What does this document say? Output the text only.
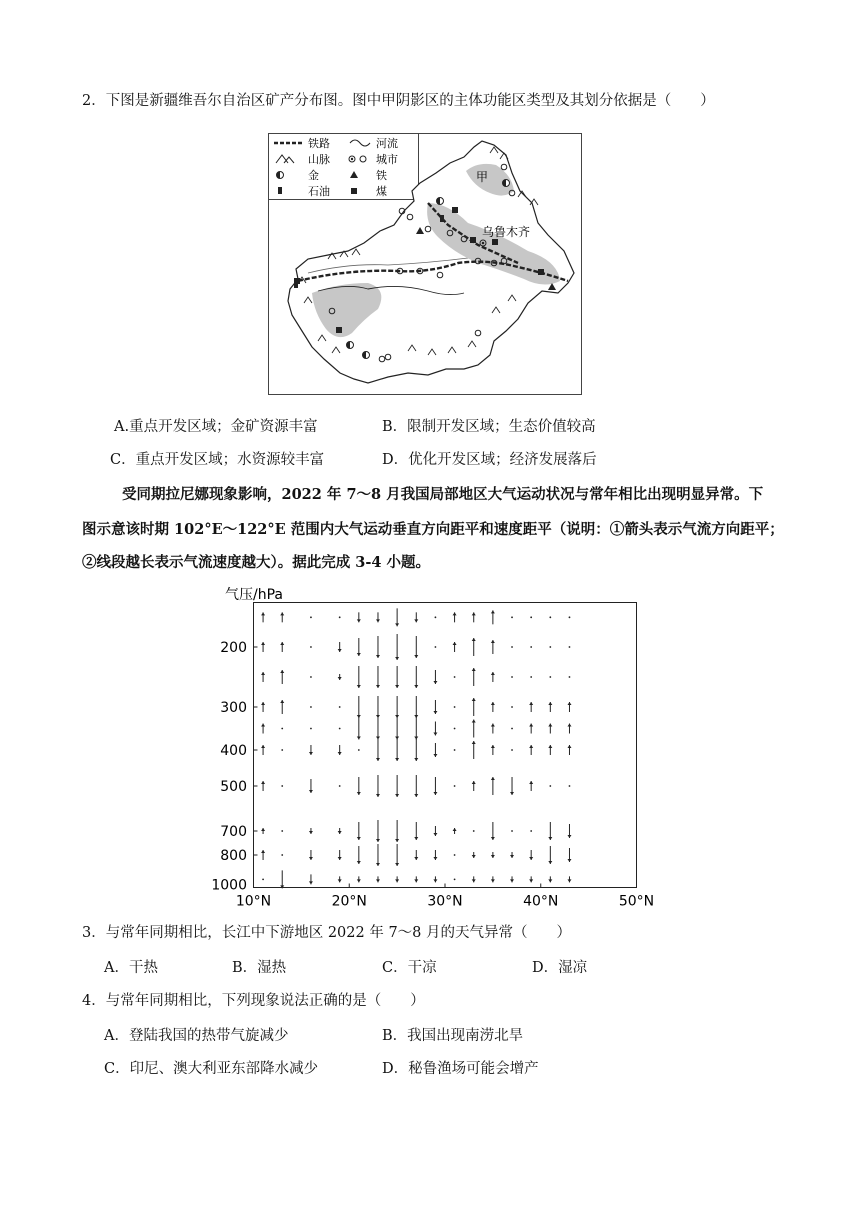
2．下图是新疆维吾尔自治区矿产分布图。图中甲阴影区的主体功能区类型及其划分依据是（　　）
铁路	河流
山脉	城市
金	铁
石油	煤
甲
乌鲁木齐
A.重点开发区域；金矿资源丰富	B．限制开发区域；生态价值较高
C．重点开发区域；水资源较丰富	D．优化开发区域；经济发展落后
受同期拉尼娜现象影响，2022 年 7～8 月我国局部地区大气运动状况与常年相比出现明显异常。下
图示意该时期 102°E～122°E 范围内大气运动垂直方向距平和速度距平（说明：①箭头表示气流方向距平；
②线段越长表示气流速度越大）。据此完成 3-4 小题。
气压/hPa
200
300
400
500
700
800
1000
10°N	20°N	30°N	40°N	50°N
3．与常年同期相比，长江中下游地区 2022 年 7～8 月的天气异常（　　）
A．干热	B．湿热	C．干凉	D．湿凉
4．与常年同期相比，下列现象说法正确的是（　　）
A．登陆我国的热带气旋减少	B．我国出现南涝北旱
C．印尼、澳大利亚东部降水减少	D．秘鲁渔场可能会增产
